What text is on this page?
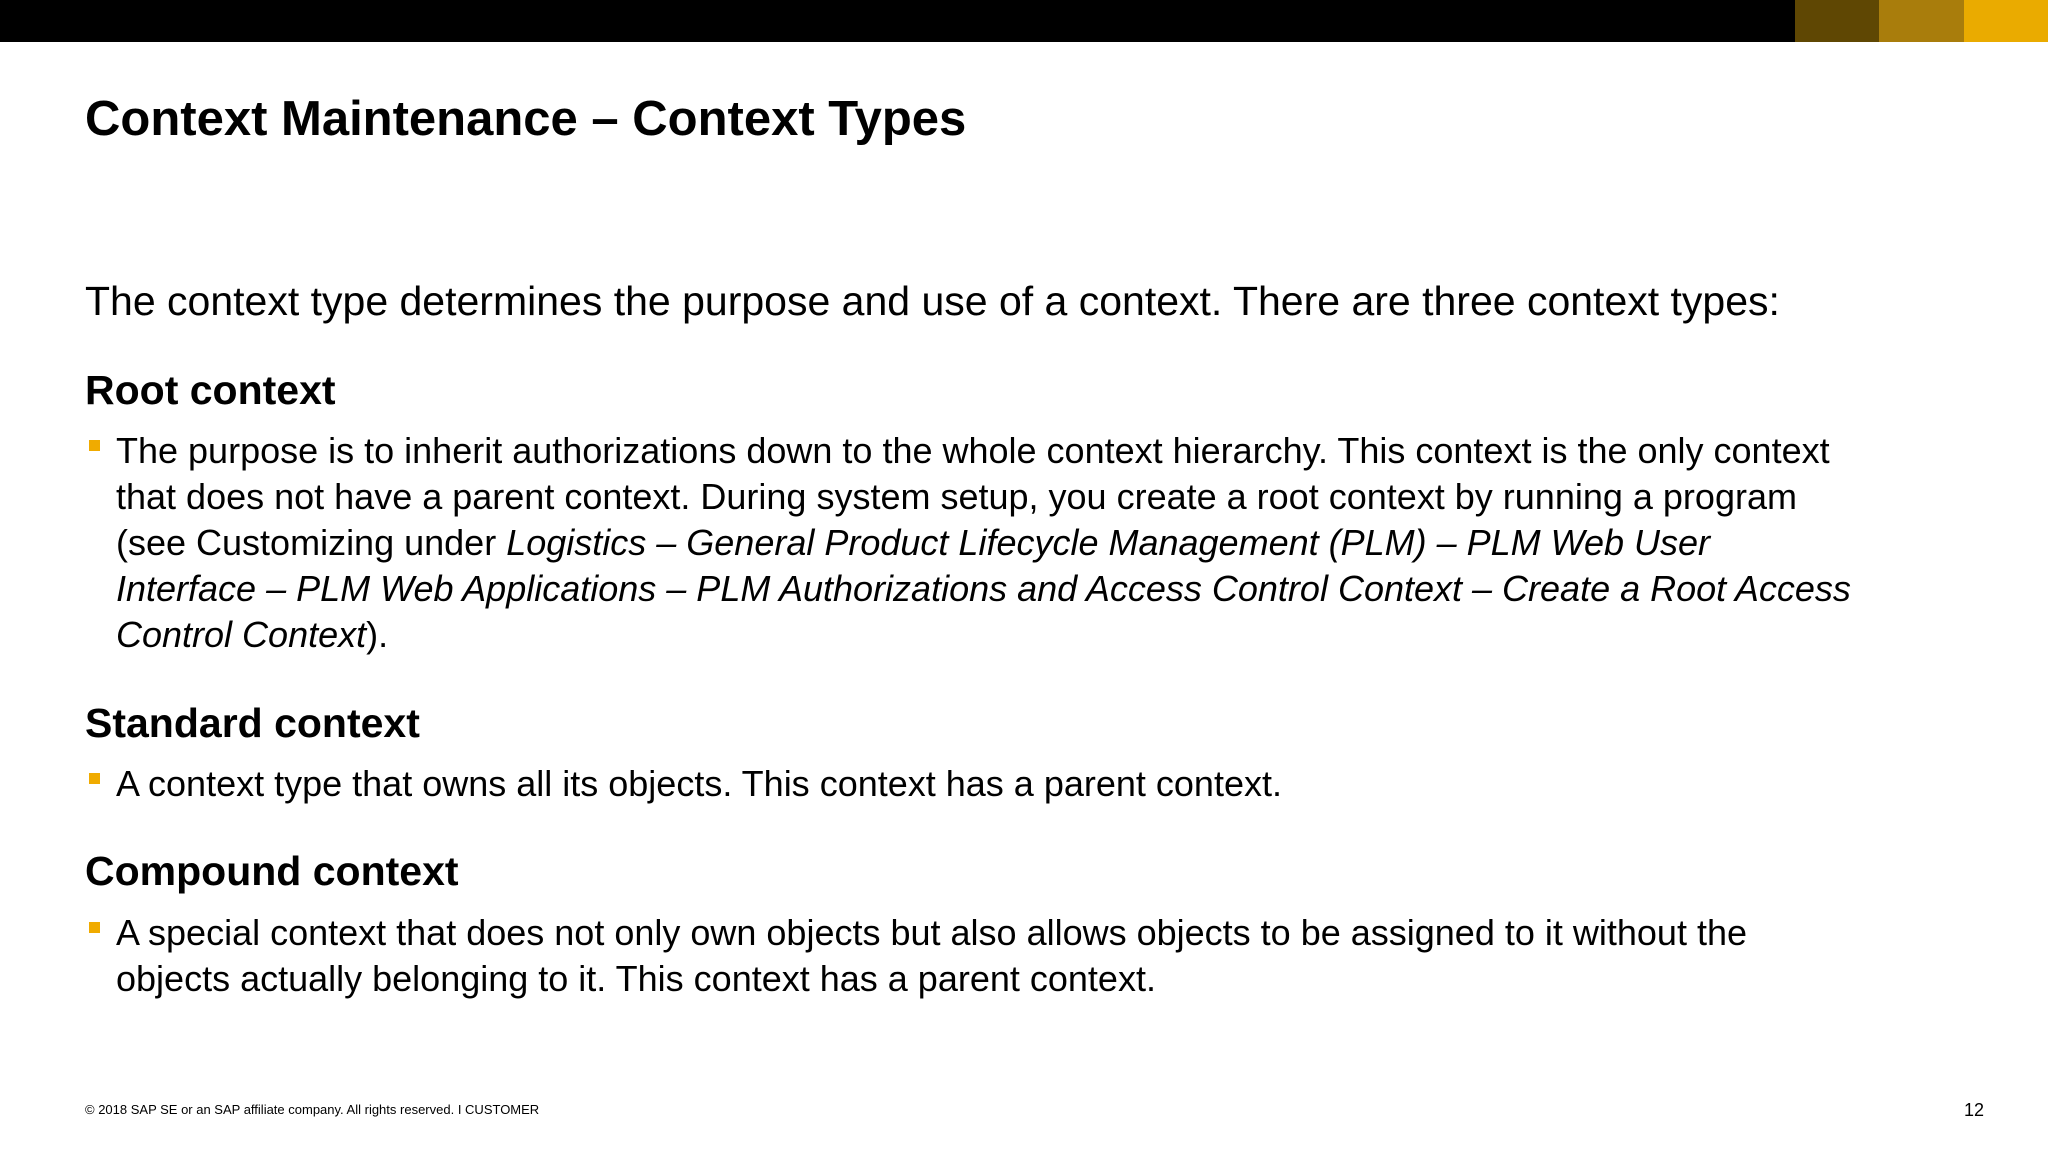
Context Maintenance – Context Types

The context type determines the purpose and use of a context. There are three context types:

Root context

The purpose is to inherit authorizations down to the whole context hierarchy. This context is the only context
that does not have a parent context. During system setup, you create a root context by running a program
(see Customizing under Logistics – General Product Lifecycle Management (PLM) – PLM Web User
Interface – PLM Web Applications – PLM Authorizations and Access Control Context – Create a Root Access
Control Context).

Standard context

A context type that owns all its objects. This context has a parent context.

Compound context

A special context that does not only own objects but also allows objects to be assigned to it without the
objects actually belonging to it. This context has a parent context.

© 2018 SAP SE or an SAP affiliate company. All rights reserved. I CUSTOMER	12
